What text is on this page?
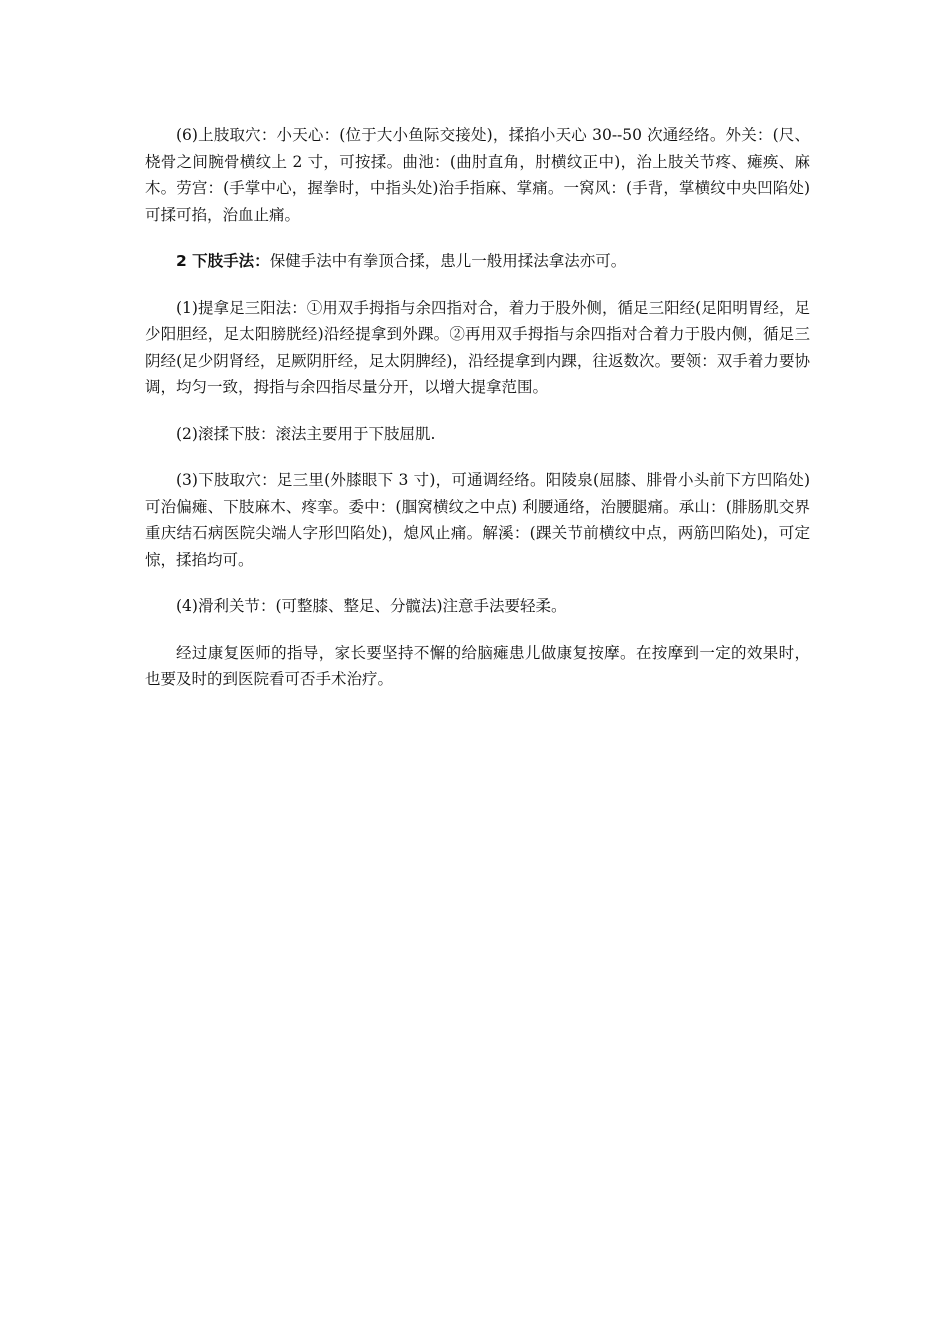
(6)上肢取穴：小天心：(位于大小鱼际交接处)，揉掐小天心 30--50 次通经络。外关：(尺、桡骨之间腕骨横纹上 2 寸，可按揉。曲池：(曲肘直角，肘横纹正中)，治上肢关节疼、瘫痪、麻木。劳宫：(手掌中心，握拳时，中指头处)治手指麻、掌痛。一窝风：(手背，掌横纹中央凹陷处)可揉可掐，治血止痛。

2 下肢手法：保健手法中有拳顶合揉，患儿一般用揉法拿法亦可。

(1)提拿足三阳法：①用双手拇指与余四指对合，着力于股外侧，循足三阳经(足阳明胃经，足少阳胆经，足太阳膀胱经)沿经提拿到外踝。②再用双手拇指与余四指对合着力于股内侧，循足三阴经(足少阴肾经，足厥阴肝经，足太阴脾经)，沿经提拿到内踝，往返数次。要领：双手着力要协调，均匀一致，拇指与余四指尽量分开，以增大提拿范围。

(2)滚揉下肢：滚法主要用于下肢屈肌.

(3)下肢取穴：足三里(外膝眼下 3 寸)，可通调经络。阳陵泉(屈膝、腓骨小头前下方凹陷处)可治偏瘫、下肢麻木、疼挛。委中：(腘窝横纹之中点) 利腰通络，治腰腿痛。承山：(腓肠肌交界重庆结石病医院尖端人字形凹陷处)，熄风止痛。解溪：(踝关节前横纹中点，两筋凹陷处)，可定惊，揉掐均可。

(4)滑利关节：(可整膝、整足、分髋法)注意手法要轻柔。

经过康复医师的指导，家长要坚持不懈的给脑瘫患儿做康复按摩。在按摩到一定的效果时，也要及时的到医院看可否手术治疗。
